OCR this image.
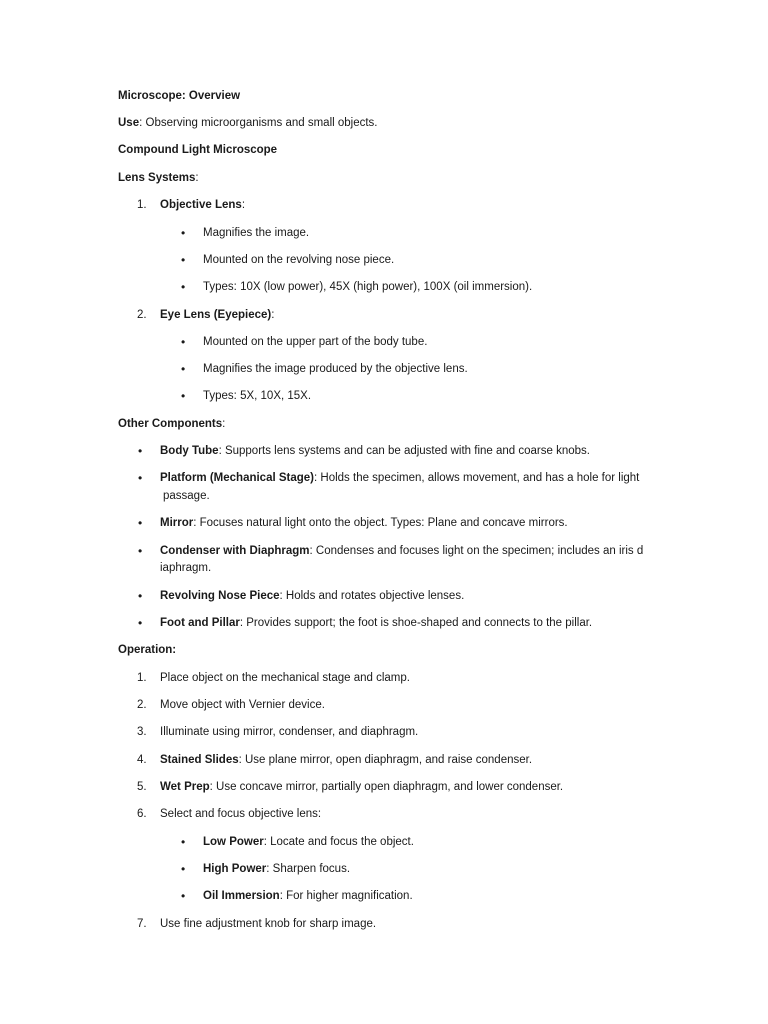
Microscope: Overview
Use: Observing microorganisms and small objects.
Compound Light Microscope
Lens Systems:
1. Objective Lens:
• Magnifies the image.
• Mounted on the revolving nose piece.
• Types: 10X (low power), 45X (high power), 100X (oil immersion).
2. Eye Lens (Eyepiece):
• Mounted on the upper part of the body tube.
• Magnifies the image produced by the objective lens.
• Types: 5X, 10X, 15X.
Other Components:
• Body Tube: Supports lens systems and can be adjusted with fine and coarse knobs.
• Platform (Mechanical Stage): Holds the specimen, allows movement, and has a hole for light
passage.
• Mirror: Focuses natural light onto the object. Types: Plane and concave mirrors.
• Condenser with Diaphragm: Condenses and focuses light on the specimen; includes an iris d
iaphragm.
• Revolving Nose Piece: Holds and rotates objective lenses.
• Foot and Pillar: Provides support; the foot is shoe-shaped and connects to the pillar.
Operation:
1. Place object on the mechanical stage and clamp.
2. Move object with Vernier device.
3. Illuminate using mirror, condenser, and diaphragm.
4. Stained Slides: Use plane mirror, open diaphragm, and raise condenser.
5. Wet Prep: Use concave mirror, partially open diaphragm, and lower condenser.
6. Select and focus objective lens:
• Low Power: Locate and focus the object.
• High Power: Sharpen focus.
• Oil Immersion: For higher magnification.
7. Use fine adjustment knob for sharp image.
